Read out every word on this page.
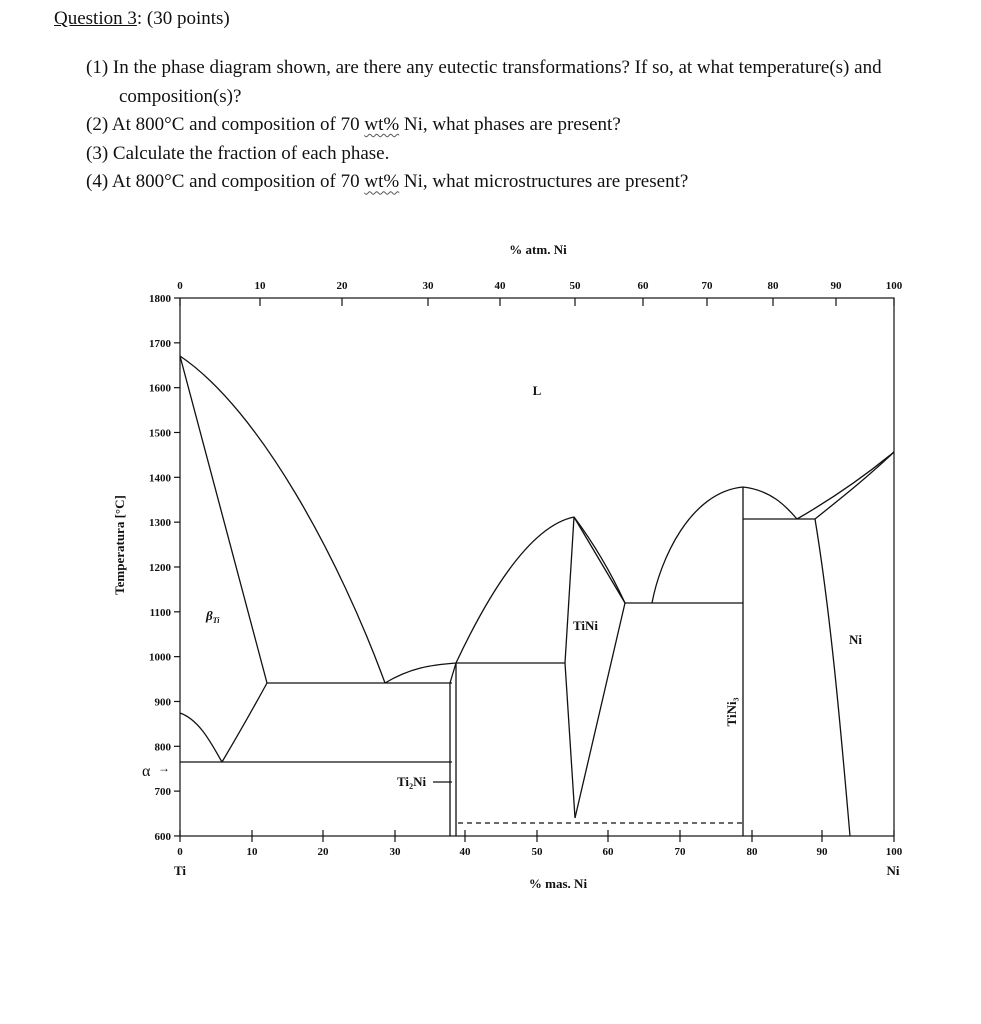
Question 3: (30 points)
(1) In the phase diagram shown, are there any eutectic transformations? If so, at what temperature(s) and composition(s)?
(2) At 800°C and composition of 70 wt% Ni, what phases are present?
(3) Calculate the fraction of each phase.
(4) At 800°C and composition of 70 wt% Ni, what microstructures are present?
% atm. Ni
% mas. Ni
Temperatura [°C]
0	10	20	30	40	50	60	70	80	90	100
0	10	20	30	40	50	60	70	80	90	100
1800
1700
1600
1500
1400
1300
1200
1100
1000
900
800
700
600
Ti	Ni
α →
L
$\beta_{Ti}$	TiNi
Ni
TiNi₃
$Ti_2Ni$
